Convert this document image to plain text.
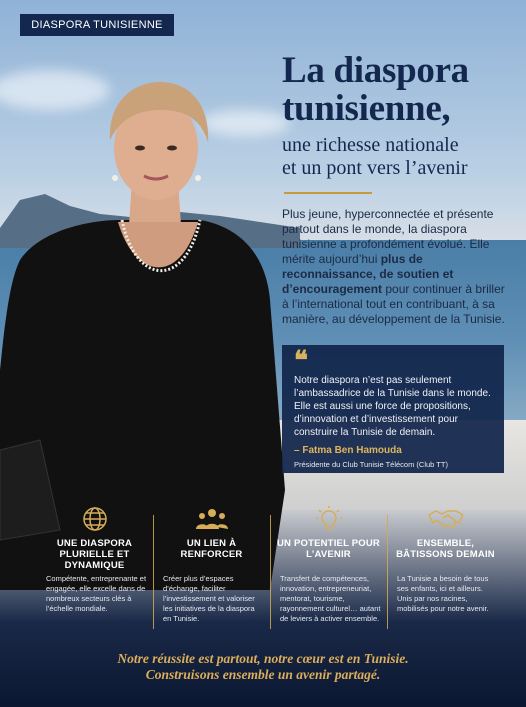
DIASPORA TUNISIENNE
La diaspora
tunisienne,
une richesse nationale
et un pont vers l’avenir

Plus jeune, hyperconnectée et présente partout dans le monde, la diaspora tunisienne a profondément évolué. Elle mérite aujourd’hui plus de reconnaissance, de soutien et d’encouragement pour continuer à briller à l’international tout en contribuant, à sa manière, au développement de la Tunisie.

❝

Notre diaspora n’est pas seulement l’ambassadrice de la Tunisie dans le monde. Elle est aussi une force de propositions, d’innovation et d’investissement pour construire la Tunisie de demain.

– Fatma Ben Hamouda
Présidente du Club Tunisie Télécom (Club TT)
UNE DIASPORA PLURIELLE ET DYNAMIQUE

Compétente, entreprenante et engagée, elle excelle dans de nombreux secteurs clés à l’échelle mondiale.

UN LIEN À RENFORCER

Créer plus d’espaces d’échange, faciliter l’investissement et valoriser les initiatives de la diaspora en Tunisie.

UN POTENTIEL POUR L’AVENIR

Transfert de compétences, innovation, entrepreneuriat, mentorat, tourisme, rayonnement culturel… autant de leviers à activer ensemble.

ENSEMBLE, BÂTISSONS DEMAIN

La Tunisie a besoin de tous ses enfants, ici et ailleurs. Unis par nos racines, mobilisés pour notre avenir.

Notre réussite est partout, notre cœur est en Tunisie.
Construisons ensemble un avenir partagé.
